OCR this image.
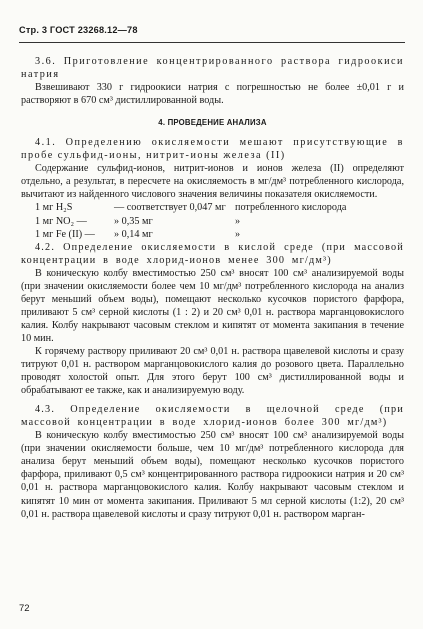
Стр. 3 ГОСТ 23268.12—78

3.6. Приготовление концентрированного раствора гидроокиси натрия

Взвешивают 330 г гидроокиси натрия с погрешностью не более ±0,01 г и растворяют в 670 см³ дистиллированной воды.

4. ПРОВЕДЕНИЕ АНАЛИЗА

4.1. Определению окисляемости мешают присутствующие в пробе сульфид-ионы, нитрит-ионы железа (II)

Содержание сульфид-ионов, нитрит-ионов и ионов железа (II) определяют отдельно, а результат, в пересчете на окисляемость в мг/дм³ потребленного кислорода, вычитают из найденного числового значения величины показателя окисляемости.

1 мг H₂S	— соответствует 0,047 мг потребленного кислорода
1 мг NO₂ —	» 0,35 мг	»
1 мг Fe (II) —	» 0,14 мг	»

4.2. Определение окисляемости в кислой среде (при массовой концентрации в воде хлорид-ионов менее 300 мг/дм³)

В коническую колбу вместимостью 250 см³ вносят 100 см³ анализируемой воды (при значении окисляемости более чем 10 мг/дм³ потребленного кислорода на анализ берут меньший объем воды), помещают несколько кусочков пористого фарфора, приливают 5 см³ серной кислоты (1 : 2) и 20 см³ 0,01 н. раствора марганцовокислого калия. Колбу накрывают часовым стеклом и кипятят от момента закипания в течение 10 мин.

К горячему раствору приливают 20 см³ 0,01 н. раствора щавелевой кислоты и сразу титруют 0,01 н. раствором марганцовокислого калия до розового цвета. Параллельно проводят холостой опыт. Для этого берут 100 см³ дистиллированной воды и обрабатывают ее также, как и анализируемую воду.

4.3. Определение окисляемости в щелочной среде (при массовой концентрации в воде хлорид-ионов более 300 мг/дм³)

В коническую колбу вместимостью 250 см³ вносят 100 см³ анализируемой воды (при значении окисляемости больше, чем 10 мг/дм³ потребленного кислорода для анализа берут меньший объем воды), помещают несколько кусочков пористого фарфора, приливают 0,5 см³ концентрированного раствора гидроокиси натрия и 20 см³ 0,01 н. раствора марганцовокислого калия. Колбу накрывают часовым стеклом и кипятят 10 мин от момента закипания. Приливают 5 мл серной кислоты (1:2), 20 см³ 0,01 н. раствора щавелевой кислоты и сразу титруют 0,01 н. раствором марган-

72
